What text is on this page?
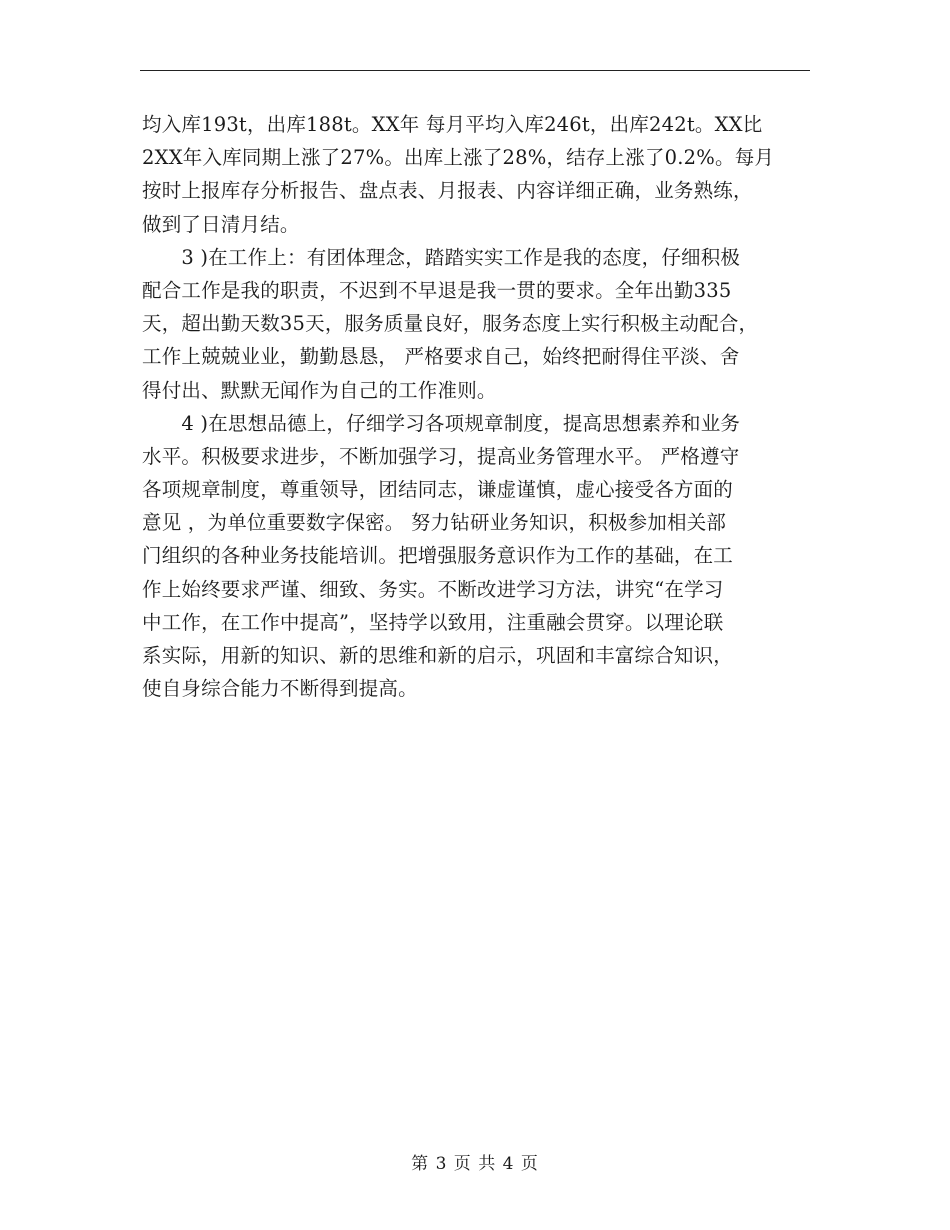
均入库193t，出库188t。XX年 每月平均入库246t，出库242t。XX比
2XX年入库同期上涨了27%。出库上涨了28%，结存上涨了0.2%。每月
按时上报库存分析报告、盘点表、月报表、内容详细正确，业务熟练，
做到了日清月结。
　　3 )在工作上：有团体理念，踏踏实实工作是我的态度，仔细积极
配合工作是我的职责，不迟到不早退是我一贯的要求。全年出勤335
天，超出勤天数35天，服务质量良好，服务态度上实行积极主动配合，
工作上兢兢业业，勤勤恳恳， 严格要求自己，始终把耐得住平淡、舍
得付出、默默无闻作为自己的工作准则。
　　4 )在思想品德上，仔细学习各项规章制度，提高思想素养和业务
水平。积极要求进步，不断加强学习，提高业务管理水平。 严格遵守
各项规章制度，尊重领导，团结同志，谦虚谨慎，虚心接受各方面的
意见 ，为单位重要数字保密。 努力钻研业务知识，积极参加相关部
门组织的各种业务技能培训。把增强服务意识作为工作的基础，在工
作上始终要求严谨、细致、务实。不断改进学习方法，讲究“在学习
中工作，在工作中提高”，坚持学以致用，注重融会贯穿。以理论联
系实际，用新的知识、新的思维和新的启示，巩固和丰富综合知识，
使自身综合能力不断得到提高。
第 3 页 共 4 页
